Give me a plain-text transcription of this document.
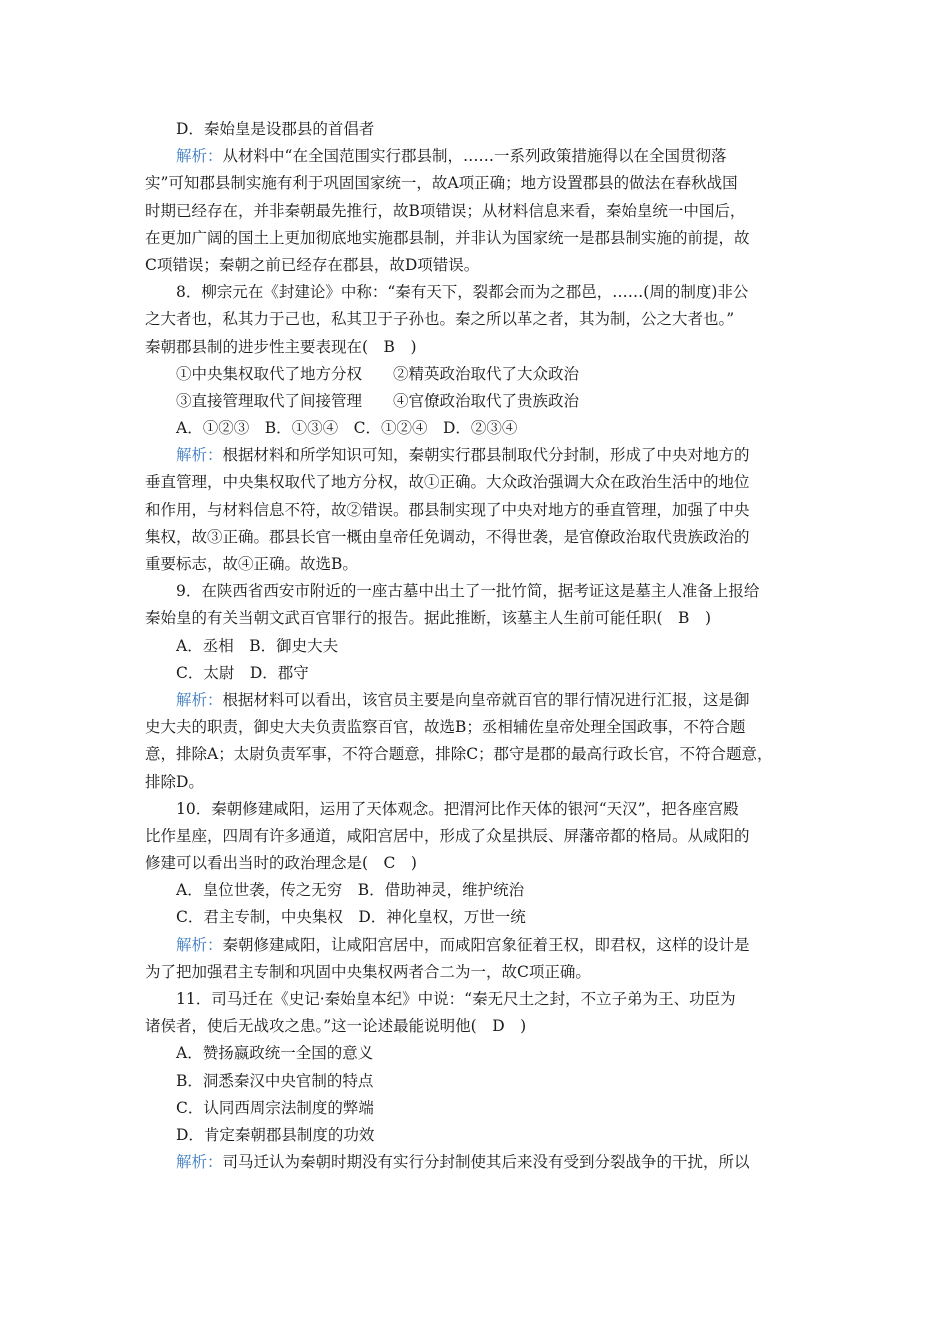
D．秦始皇是设郡县的首倡者
解析：从材料中“在全国范围实行郡县制，……一系列政策措施得以在全国贯彻落
实”可知郡县制实施有利于巩固国家统一，故A项正确；地方设置郡县的做法在春秋战国
时期已经存在，并非秦朝最先推行，故B项错误；从材料信息来看，秦始皇统一中国后，
在更加广阔的国土上更加彻底地实施郡县制，并非认为国家统一是郡县制实施的前提，故
C项错误；秦朝之前已经存在郡县，故D项错误。
8．柳宗元在《封建论》中称：“秦有天下，裂都会而为之郡邑，……(周的制度)非公
之大者也，私其力于己也，私其卫于子孙也。秦之所以革之者，其为制，公之大者也。”
秦朝郡县制的进步性主要表现在(　B　)
①中央集权取代了地方分权　　②精英政治取代了大众政治
③直接管理取代了间接管理　　④官僚政治取代了贵族政治
A．①②③　B．①③④　C．①②④　D．②③④
解析：根据材料和所学知识可知，秦朝实行郡县制取代分封制，形成了中央对地方的
垂直管理，中央集权取代了地方分权，故①正确。大众政治强调大众在政治生活中的地位
和作用，与材料信息不符，故②错误。郡县制实现了中央对地方的垂直管理，加强了中央
集权，故③正确。郡县长官一概由皇帝任免调动，不得世袭，是官僚政治取代贵族政治的
重要标志，故④正确。故选B。
9．在陕西省西安市附近的一座古墓中出土了一批竹简，据考证这是墓主人准备上报给
秦始皇的有关当朝文武百官罪行的报告。据此推断，该墓主人生前可能任职(　B　)
A．丞相　B．御史大夫
C．太尉　D．郡守
解析：根据材料可以看出，该官员主要是向皇帝就百官的罪行情况进行汇报，这是御
史大夫的职责，御史大夫负责监察百官，故选B；丞相辅佐皇帝处理全国政事，不符合题
意，排除A；太尉负责军事，不符合题意，排除C；郡守是郡的最高行政长官，不符合题意，
排除D。
10．秦朝修建咸阳，运用了天体观念。把渭河比作天体的银河“天汉”，把各座宫殿
比作星座，四周有许多通道，咸阳宫居中，形成了众星拱辰、屏藩帝都的格局。从咸阳的
修建可以看出当时的政治理念是(　C　)
A．皇位世袭，传之无穷　B．借助神灵，维护统治
C．君主专制，中央集权　D．神化皇权，万世一统
解析：秦朝修建咸阳，让咸阳宫居中，而咸阳宫象征着王权，即君权，这样的设计是
为了把加强君主专制和巩固中央集权两者合二为一，故C项正确。
11．司马迁在《史记·秦始皇本纪》中说：“秦无尺土之封，不立子弟为王、功臣为
诸侯者，使后无战攻之患。”这一论述最能说明他(　D　)
A．赞扬嬴政统一全国的意义
B．洞悉秦汉中央官制的特点
C．认同西周宗法制度的弊端
D．肯定秦朝郡县制度的功效
解析：司马迁认为秦朝时期没有实行分封制使其后来没有受到分裂战争的干扰，所以
